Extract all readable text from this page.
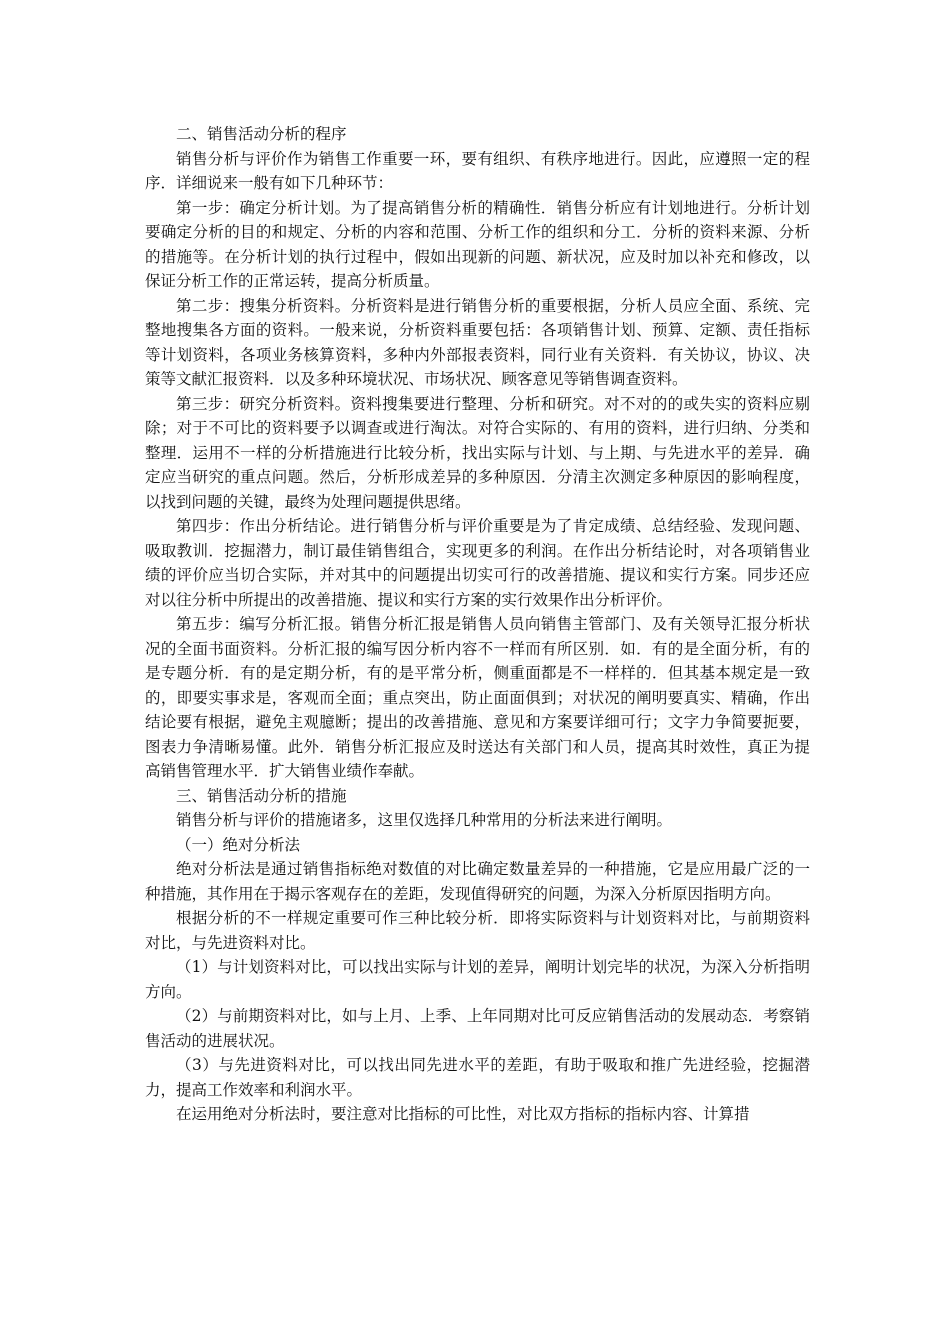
二、销售活动分析的程序

销售分析与评价作为销售工作重要一环，要有组织、有秩序地进行。因此，应遵照一定的程序．详细说来一般有如下几种环节：

第一步：确定分析计划。为了提高销售分析的精确性．销售分析应有计划地进行。分析计划要确定分析的目的和规定、分析的内容和范围、分析工作的组织和分工．分析的资料来源、分析的措施等。在分析计划的执行过程中，假如出现新的问题、新状况，应及时加以补充和修改，以保证分析工作的正常运转，提高分析质量。

第二步：搜集分析资料。分析资料是进行销售分析的重要根据，分析人员应全面、系统、完整地搜集各方面的资料。一般来说，分析资料重要包括：各项销售计划、预算、定额、责任指标等计划资料，各项业务核算资料，多种内外部报表资料，同行业有关资料．有关协议，协议、决策等文献汇报资料．以及多种环境状况、市场状况、顾客意见等销售调查资料。

第三步：研究分析资料。资料搜集要进行整理、分析和研究。对不对的的或失实的资料应剔除；对于不可比的资料要予以调查或进行淘汰。对符合实际的、有用的资料，进行归纳、分类和整理．运用不一样的分析措施进行比较分析，找出实际与计划、与上期、与先进水平的差异．确定应当研究的重点问题。然后，分析形成差异的多种原因．分清主次测定多种原因的影响程度，以找到问题的关键，最终为处理问题提供思绪。

第四步：作出分析结论。进行销售分析与评价重要是为了肯定成绩、总结经验、发现问题、吸取教训．挖掘潜力，制订最佳销售组合，实现更多的利润。在作出分析结论时，对各项销售业绩的评价应当切合实际，并对其中的问题提出切实可行的改善措施、提议和实行方案。同步还应对以往分析中所提出的改善措施、提议和实行方案的实行效果作出分析评价。

第五步：编写分析汇报。销售分析汇报是销售人员向销售主管部门、及有关领导汇报分析状况的全面书面资料。分析汇报的编写因分析内容不一样而有所区别．如．有的是全面分析，有的是专题分析．有的是定期分析，有的是平常分析，侧重面都是不一样样的．但其基本规定是一致的，即要实事求是，客观而全面；重点突出，防止面面俱到；对状况的阐明要真实、精确，作出结论要有根据，避免主观臆断；提出的改善措施、意见和方案要详细可行；文字力争简要扼要，图表力争清晰易懂。此外．销售分析汇报应及时送达有关部门和人员，提高其时效性，真正为提高销售管理水平．扩大销售业绩作奉献。

三、销售活动分析的措施

销售分析与评价的措施诸多，这里仅选择几种常用的分析法来进行阐明。

（一）绝对分析法

绝对分析法是通过销售指标绝对数值的对比确定数量差异的一种措施，它是应用最广泛的一种措施，其作用在于揭示客观存在的差距，发现值得研究的问题，为深入分析原因指明方向。

根据分析的不一样规定重要可作三种比较分析．即将实际资料与计划资料对比，与前期资料对比，与先进资料对比。

（1）与计划资料对比，可以找出实际与计划的差异，阐明计划完毕的状况，为深入分析指明方向。

（2）与前期资料对比，如与上月、上季、上年同期对比可反应销售活动的发展动态．考察销售活动的进展状况。

（3）与先进资料对比，可以找出同先进水平的差距，有助于吸取和推广先进经验，挖掘潜力，提高工作效率和利润水平。

在运用绝对分析法时，要注意对比指标的可比性，对比双方指标的指标内容、计算措
